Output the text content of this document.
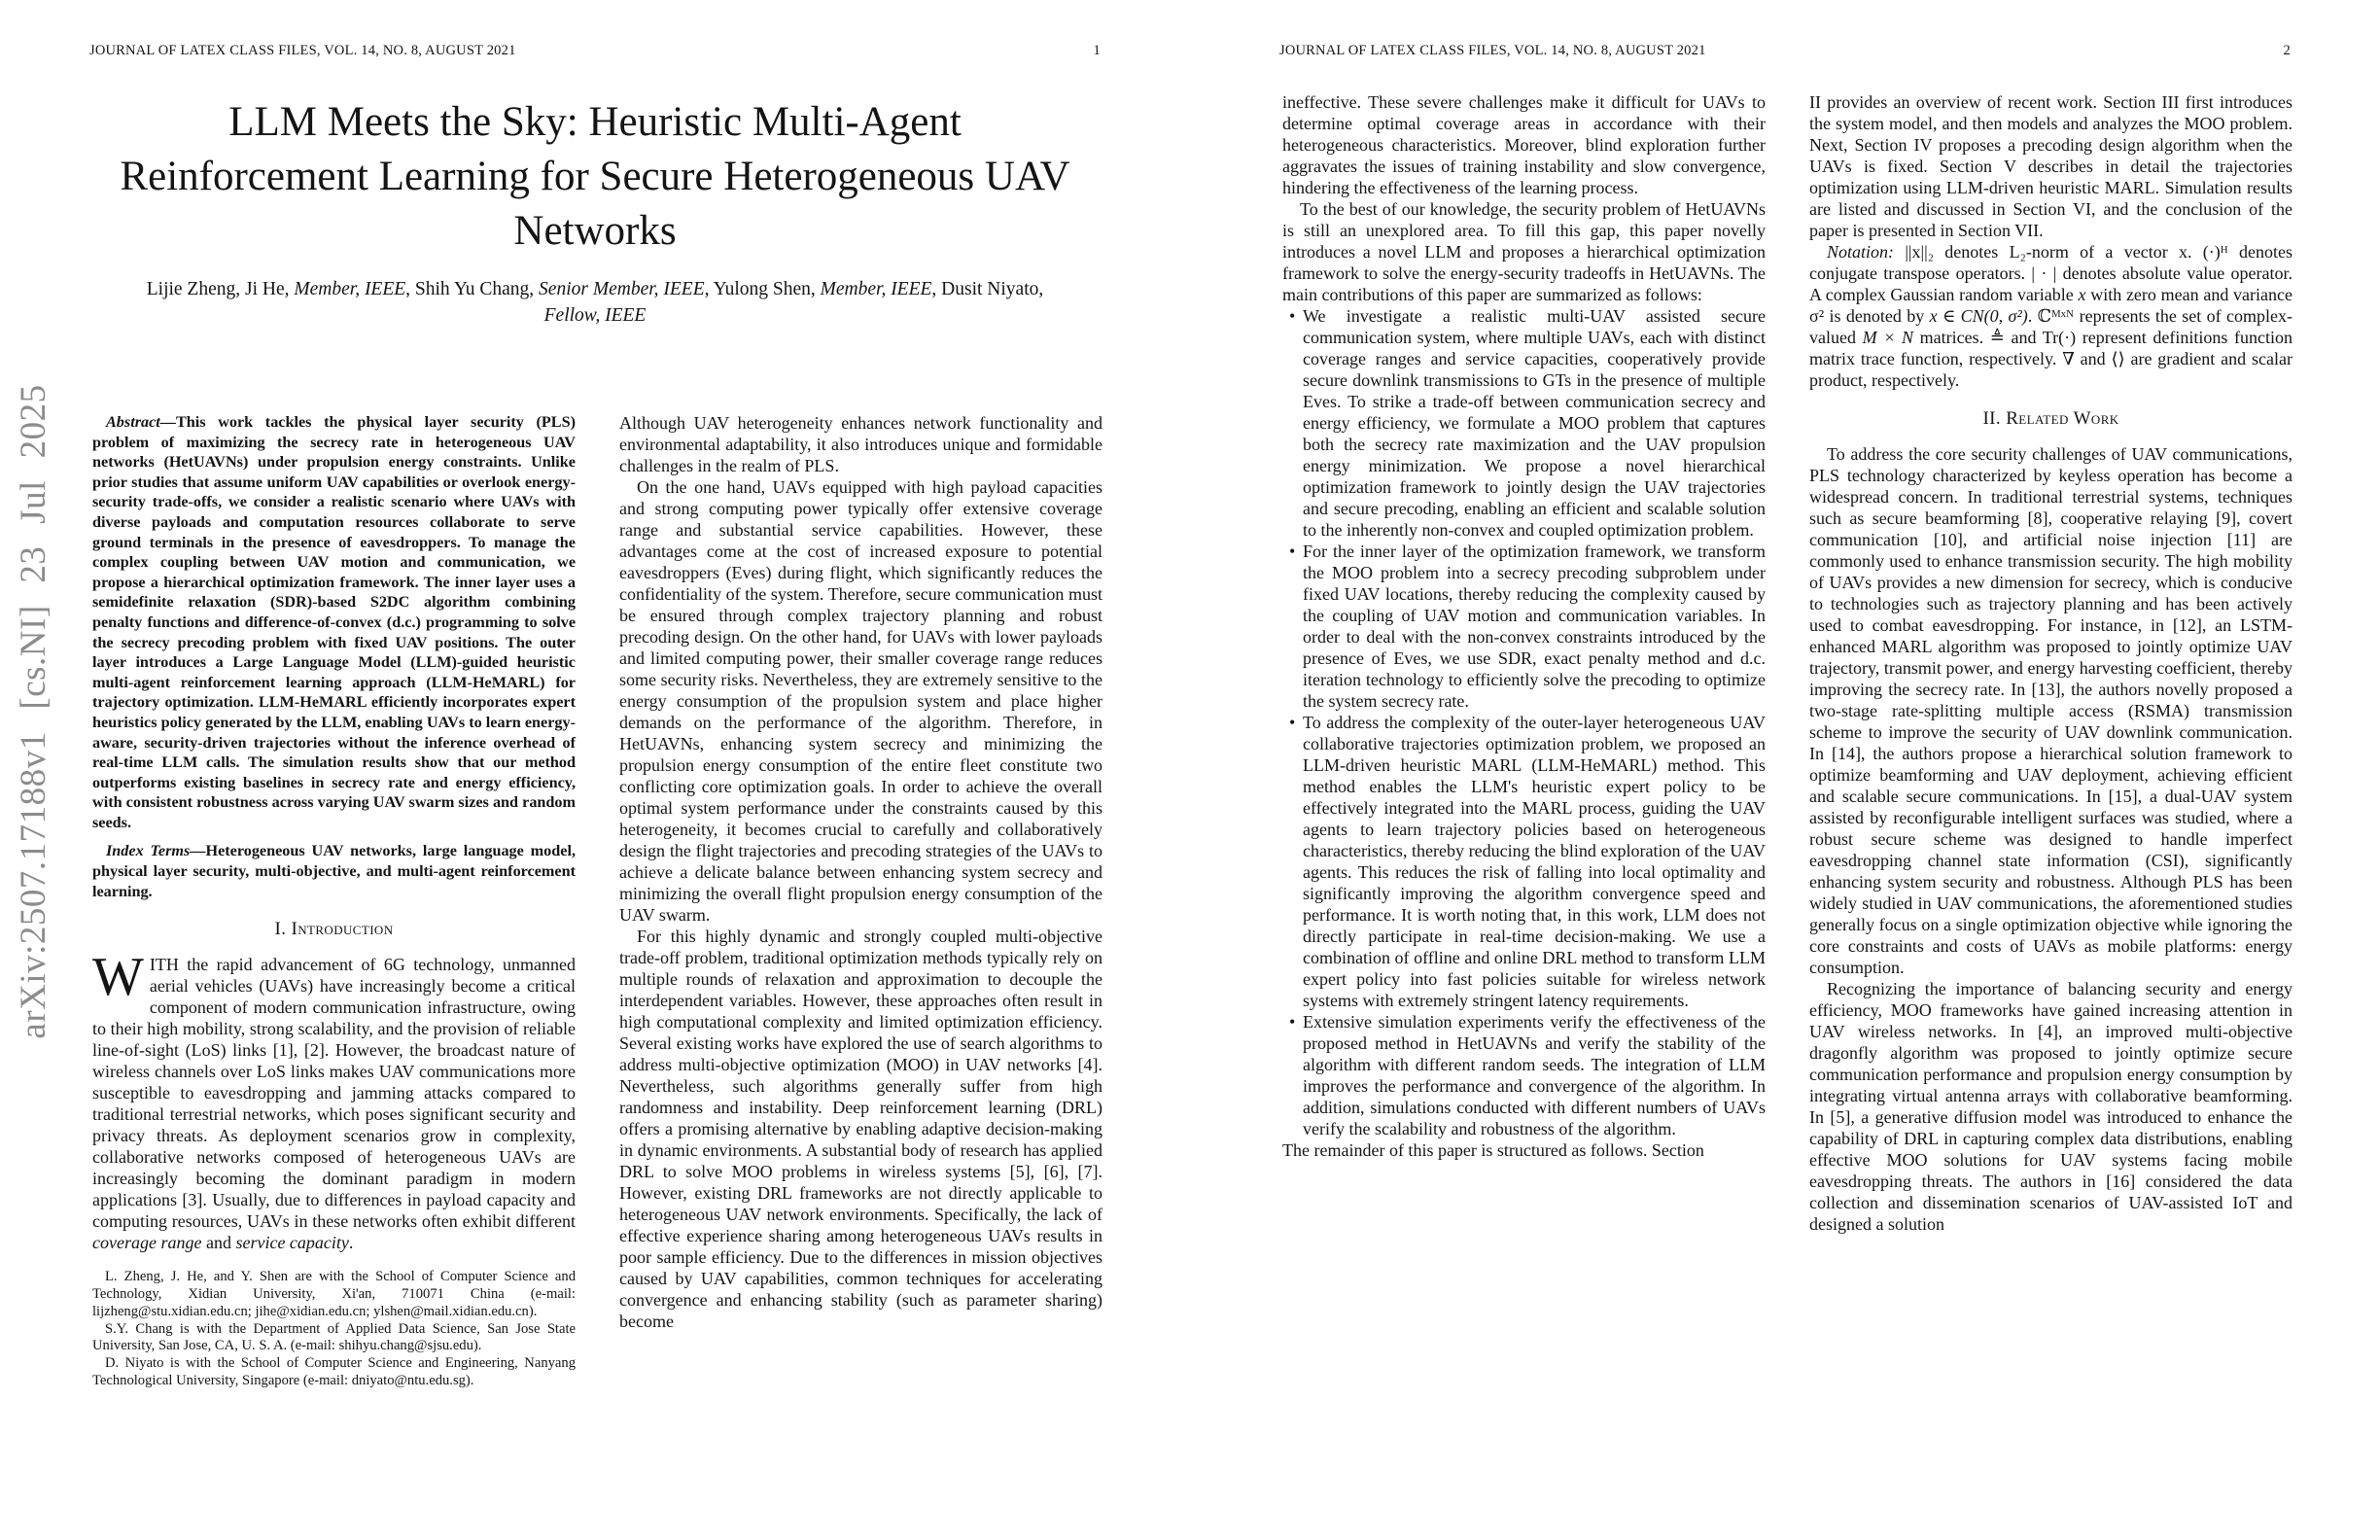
arXiv:2507.17188v1 [cs.NI] 23 Jul 2025
JOURNAL OF LATEX CLASS FILES, VOL. 14, NO. 8, AUGUST 2021	1
LLM Meets the Sky: Heuristic Multi-Agent Reinforcement Learning for Secure Heterogeneous UAV Networks
Lijie Zheng, Ji He, Member, IEEE, Shih Yu Chang, Senior Member, IEEE, Yulong Shen, Member, IEEE, Dusit Niyato, Fellow, IEEE

Abstract—This work tackles the physical layer security (PLS) problem of maximizing the secrecy rate in heterogeneous UAV networks (HetUAVNs) under propulsion energy constraints. Unlike prior studies that assume uniform UAV capabilities or overlook energy-security trade-offs, we consider a realistic scenario where UAVs with diverse payloads and computation resources collaborate to serve ground terminals in the presence of eavesdroppers. To manage the complex coupling between UAV motion and communication, we propose a hierarchical optimization framework. The inner layer uses a semidefinite relaxation (SDR)-based S2DC algorithm combining penalty functions and difference-of-convex (d.c.) programming to solve the secrecy precoding problem with fixed UAV positions. The outer layer introduces a Large Language Model (LLM)-guided heuristic multi-agent reinforcement learning approach (LLM-HeMARL) for trajectory optimization. LLM-HeMARL efficiently incorporates expert heuristics policy generated by the LLM, enabling UAVs to learn energy-aware, security-driven trajectories without the inference overhead of real-time LLM calls. The simulation results show that our method outperforms existing baselines in secrecy rate and energy efficiency, with consistent robustness across varying UAV swarm sizes and random seeds.

Index Terms—Heterogeneous UAV networks, large language model, physical layer security, multi-objective, and multi-agent reinforcement learning.

I. Introduction

WITH the rapid advancement of 6G technology, unmanned aerial vehicles (UAVs) have increasingly become a critical component of modern communication infrastructure, owing to their high mobility, strong scalability, and the provision of reliable line-of-sight (LoS) links [1], [2]. However, the broadcast nature of wireless channels over LoS links makes UAV communications more susceptible to eavesdropping and jamming attacks compared to traditional terrestrial networks, which poses significant security and privacy threats. As deployment scenarios grow in complexity, collaborative networks composed of heterogeneous UAVs are increasingly becoming the dominant paradigm in modern applications [3]. Usually, due to differences in payload capacity and computing resources, UAVs in these networks often exhibit different coverage range and service capacity.

L. Zheng, J. He, and Y. Shen are with the School of Computer Science and Technology, Xidian University, Xi'an, 710071 China (e-mail: lijzheng@stu.xidian.edu.cn; jihe@xidian.edu.cn; ylshen@mail.xidian.edu.cn).

S.Y. Chang is with the Department of Applied Data Science, San Jose State University, San Jose, CA, U. S. A. (e-mail: shihyu.chang@sjsu.edu).

D. Niyato is with the School of Computer Science and Engineering, Nanyang Technological University, Singapore (e-mail: dniyato@ntu.edu.sg).

Although UAV heterogeneity enhances network functionality and environmental adaptability, it also introduces unique and formidable challenges in the realm of PLS.

On the one hand, UAVs equipped with high payload capacities and strong computing power typically offer extensive coverage range and substantial service capabilities. However, these advantages come at the cost of increased exposure to potential eavesdroppers (Eves) during flight, which significantly reduces the confidentiality of the system. Therefore, secure communication must be ensured through complex trajectory planning and robust precoding design. On the other hand, for UAVs with lower payloads and limited computing power, their smaller coverage range reduces some security risks. Nevertheless, they are extremely sensitive to the energy consumption of the propulsion system and place higher demands on the performance of the algorithm. Therefore, in HetUAVNs, enhancing system secrecy and minimizing the propulsion energy consumption of the entire fleet constitute two conflicting core optimization goals. In order to achieve the overall optimal system performance under the constraints caused by this heterogeneity, it becomes crucial to carefully and collaboratively design the flight trajectories and precoding strategies of the UAVs to achieve a delicate balance between enhancing system secrecy and minimizing the overall flight propulsion energy consumption of the UAV swarm.

For this highly dynamic and strongly coupled multi-objective trade-off problem, traditional optimization methods typically rely on multiple rounds of relaxation and approximation to decouple the interdependent variables. However, these approaches often result in high computational complexity and limited optimization efficiency. Several existing works have explored the use of search algorithms to address multi-objective optimization (MOO) in UAV networks [4]. Nevertheless, such algorithms generally suffer from high randomness and instability. Deep reinforcement learning (DRL) offers a promising alternative by enabling adaptive decision-making in dynamic environments. A substantial body of research has applied DRL to solve MOO problems in wireless systems [5], [6], [7]. However, existing DRL frameworks are not directly applicable to heterogeneous UAV network environments. Specifically, the lack of effective experience sharing among heterogeneous UAVs results in poor sample efficiency. Due to the differences in mission objectives caused by UAV capabilities, common techniques for accelerating convergence and enhancing stability (such as parameter sharing) become

JOURNAL OF LATEX CLASS FILES, VOL. 14, NO. 8, AUGUST 2021	2

ineffective. These severe challenges make it difficult for UAVs to determine optimal coverage areas in accordance with their heterogeneous characteristics. Moreover, blind exploration further aggravates the issues of training instability and slow convergence, hindering the effectiveness of the learning process.

To the best of our knowledge, the security problem of HetUAVNs is still an unexplored area. To fill this gap, this paper novelly introduces a novel LLM and proposes a hierarchical optimization framework to solve the energy-security tradeoffs in HetUAVNs. The main contributions of this paper are summarized as follows:

• We investigate a realistic multi-UAV assisted secure communication system, where multiple UAVs, each with distinct coverage ranges and service capacities, cooperatively provide secure downlink transmissions to GTs in the presence of multiple Eves. To strike a trade-off between communication secrecy and energy efficiency, we formulate a MOO problem that captures both the secrecy rate maximization and the UAV propulsion energy minimization. We propose a novel hierarchical optimization framework to jointly design the UAV trajectories and secure precoding, enabling an efficient and scalable solution to the inherently non-convex and coupled optimization problem.
• For the inner layer of the optimization framework, we transform the MOO problem into a secrecy precoding subproblem under fixed UAV locations, thereby reducing the complexity caused by the coupling of UAV motion and communication variables. In order to deal with the non-convex constraints introduced by the presence of Eves, we use SDR, exact penalty method and d.c. iteration technology to efficiently solve the precoding to optimize the system secrecy rate.
• To address the complexity of the outer-layer heterogeneous UAV collaborative trajectories optimization problem, we proposed an LLM-driven heuristic MARL (LLM-HeMARL) method. This method enables the LLM's heuristic expert policy to be effectively integrated into the MARL process, guiding the UAV agents to learn trajectory policies based on heterogeneous characteristics, thereby reducing the blind exploration of the UAV agents. This reduces the risk of falling into local optimality and significantly improving the algorithm convergence speed and performance. It is worth noting that, in this work, LLM does not directly participate in real-time decision-making. We use a combination of offline and online DRL method to transform LLM expert policy into fast policies suitable for wireless network systems with extremely stringent latency requirements.
• Extensive simulation experiments verify the effectiveness of the proposed method in HetUAVNs and verify the stability of the algorithm with different random seeds. The integration of LLM improves the performance and convergence of the algorithm. In addition, simulations conducted with different numbers of UAVs verify the scalability and robustness of the algorithm.

The remainder of this paper is structured as follows. Section

II provides an overview of recent work. Section III first introduces the system model, and then models and analyzes the MOO problem. Next, Section IV proposes a precoding design algorithm when the UAVs is fixed. Section V describes in detail the trajectories optimization using LLM-driven heuristic MARL. Simulation results are listed and discussed in Section VI, and the conclusion of the paper is presented in Section VII.

Notation: ||x||₂ denotes L₂-norm of a vector x. (·)ᴴ denotes conjugate transpose operators. | · | denotes absolute value operator. A complex Gaussian random variable x with zero mean and variance σ² is denoted by x ∈ CN(0, σ²). ℂᴹˣᴺ represents the set of complex-valued M × N matrices. ≜ and Tr(·) represent definitions function matrix trace function, respectively. ∇ and ⟨⟩ are gradient and scalar product, respectively.

II. Related Work

To address the core security challenges of UAV communications, PLS technology characterized by keyless operation has become a widespread concern. In traditional terrestrial systems, techniques such as secure beamforming [8], cooperative relaying [9], covert communication [10], and artificial noise injection [11] are commonly used to enhance transmission security. The high mobility of UAVs provides a new dimension for secrecy, which is conducive to technologies such as trajectory planning and has been actively used to combat eavesdropping. For instance, in [12], an LSTM-enhanced MARL algorithm was proposed to jointly optimize UAV trajectory, transmit power, and energy harvesting coefficient, thereby improving the secrecy rate. In [13], the authors novelly proposed a two-stage rate-splitting multiple access (RSMA) transmission scheme to improve the security of UAV downlink communication. In [14], the authors propose a hierarchical solution framework to optimize beamforming and UAV deployment, achieving efficient and scalable secure communications. In [15], a dual-UAV system assisted by reconfigurable intelligent surfaces was studied, where a robust secure scheme was designed to handle imperfect eavesdropping channel state information (CSI), significantly enhancing system security and robustness. Although PLS has been widely studied in UAV communications, the aforementioned studies generally focus on a single optimization objective while ignoring the core constraints and costs of UAVs as mobile platforms: energy consumption.

Recognizing the importance of balancing security and energy efficiency, MOO frameworks have gained increasing attention in UAV wireless networks. In [4], an improved multi-objective dragonfly algorithm was proposed to jointly optimize secure communication performance and propulsion energy consumption by integrating virtual antenna arrays with collaborative beamforming. In [5], a generative diffusion model was introduced to enhance the capability of DRL in capturing complex data distributions, enabling effective MOO solutions for UAV systems facing mobile eavesdropping threats. The authors in [16] considered the data collection and dissemination scenarios of UAV-assisted IoT and designed a solution
